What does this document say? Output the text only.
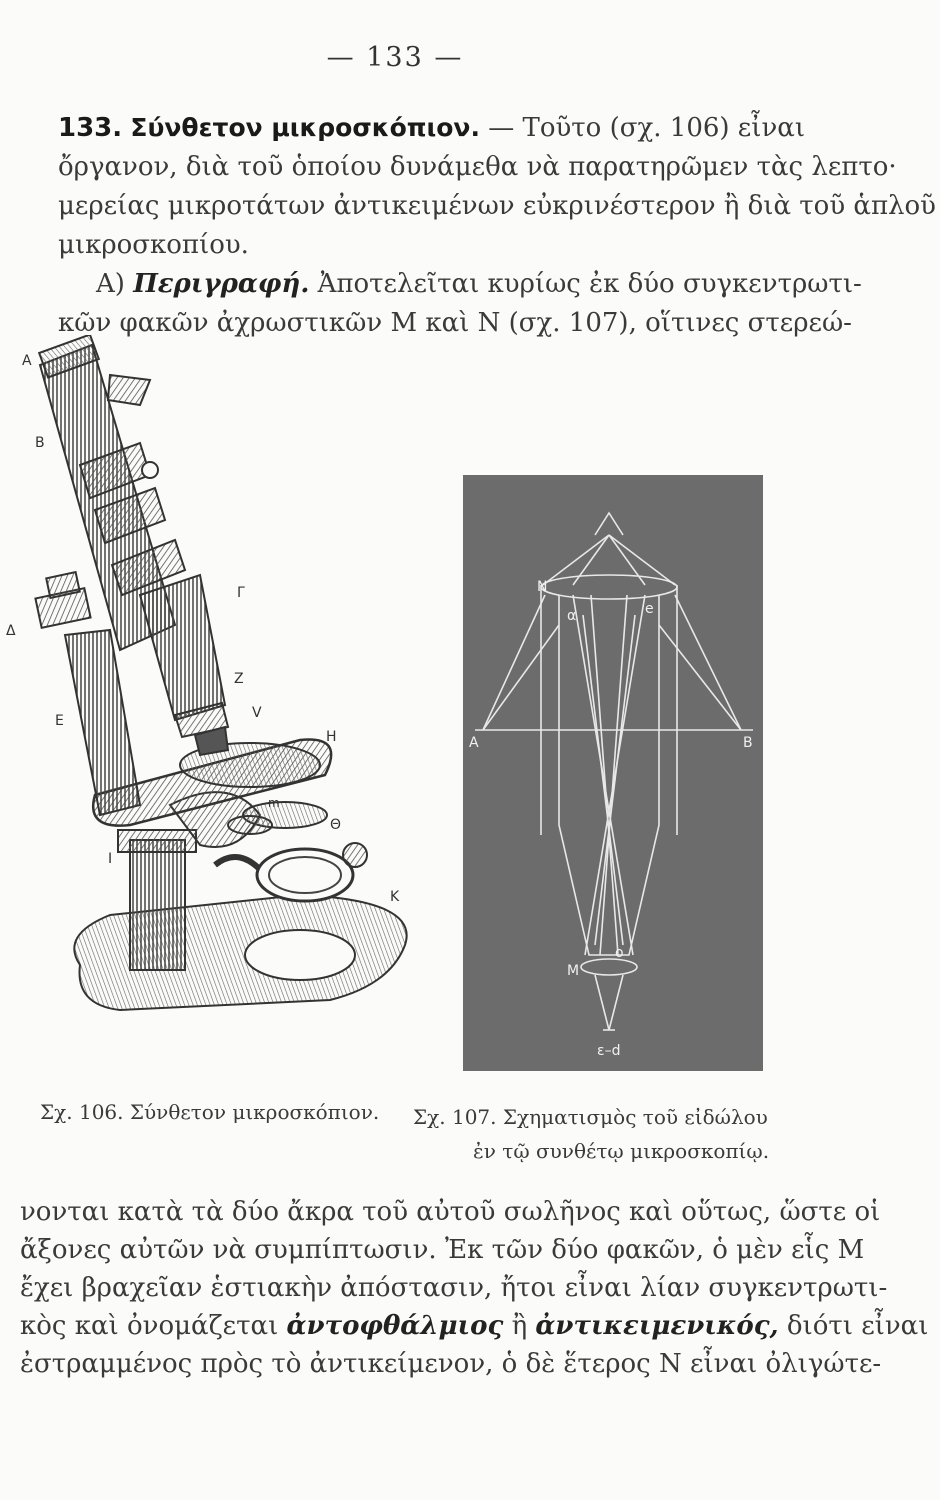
— 133 —
133. Σύνθετον μικροσκόπιον. — Τοῦτο (σχ. 106) εἶναι
ὄργανον, διὰ τοῦ ὁποίου δυνάμεθα νὰ παρατηρῶμεν τὰς λεπτο·
μερείας μικροτάτων ἀντικειμένων εὐκρινέστερον ἢ διὰ τοῦ ἁπλοῦ
μικροσκοπίου.
Α) Περιγραφή. Ἀποτελεῖται κυρίως ἐκ δύο συγκεντρωτι-
κῶν φακῶν ἀχρωστικῶν Μ καὶ Ν (σχ. 107), οἵτινες στερεώ-
Α
Β
Γ
Δ
Ζ
Ε	V
Η
m
Θ
Ι
Κ
N
α	e
Α	Β
M
o
ε–d
Σχ. 106. Σύνθετον μικροσκόπιον. Σχ. 107. Σχηματισμὸς τοῦ εἰδώλου
ἐν τῷ συνθέτῳ μικροσκοπίῳ.
νονται κατὰ τὰ δύο ἄκρα τοῦ αὐτοῦ σωλῆνος καὶ οὕτως, ὥστε οἱ
ἄξονες αὐτῶν νὰ συμπίπτωσιν. Ἐκ τῶν δύο φακῶν, ὁ μὲν εἷς Μ
ἔχει βραχεῖαν ἑστιακὴν ἀπόστασιν, ἤτοι εἶναι λίαν συγκεντρωτι-
κὸς καὶ ὀνομάζεται ἀντοφθάλμιος ἢ ἀντικειμενικός, διότι εἶναι
ἐστραμμένος πρὸς τὸ ἀντικείμενον, ὁ δὲ ἕτερος Ν εἶναι ὀλιγώτε-
